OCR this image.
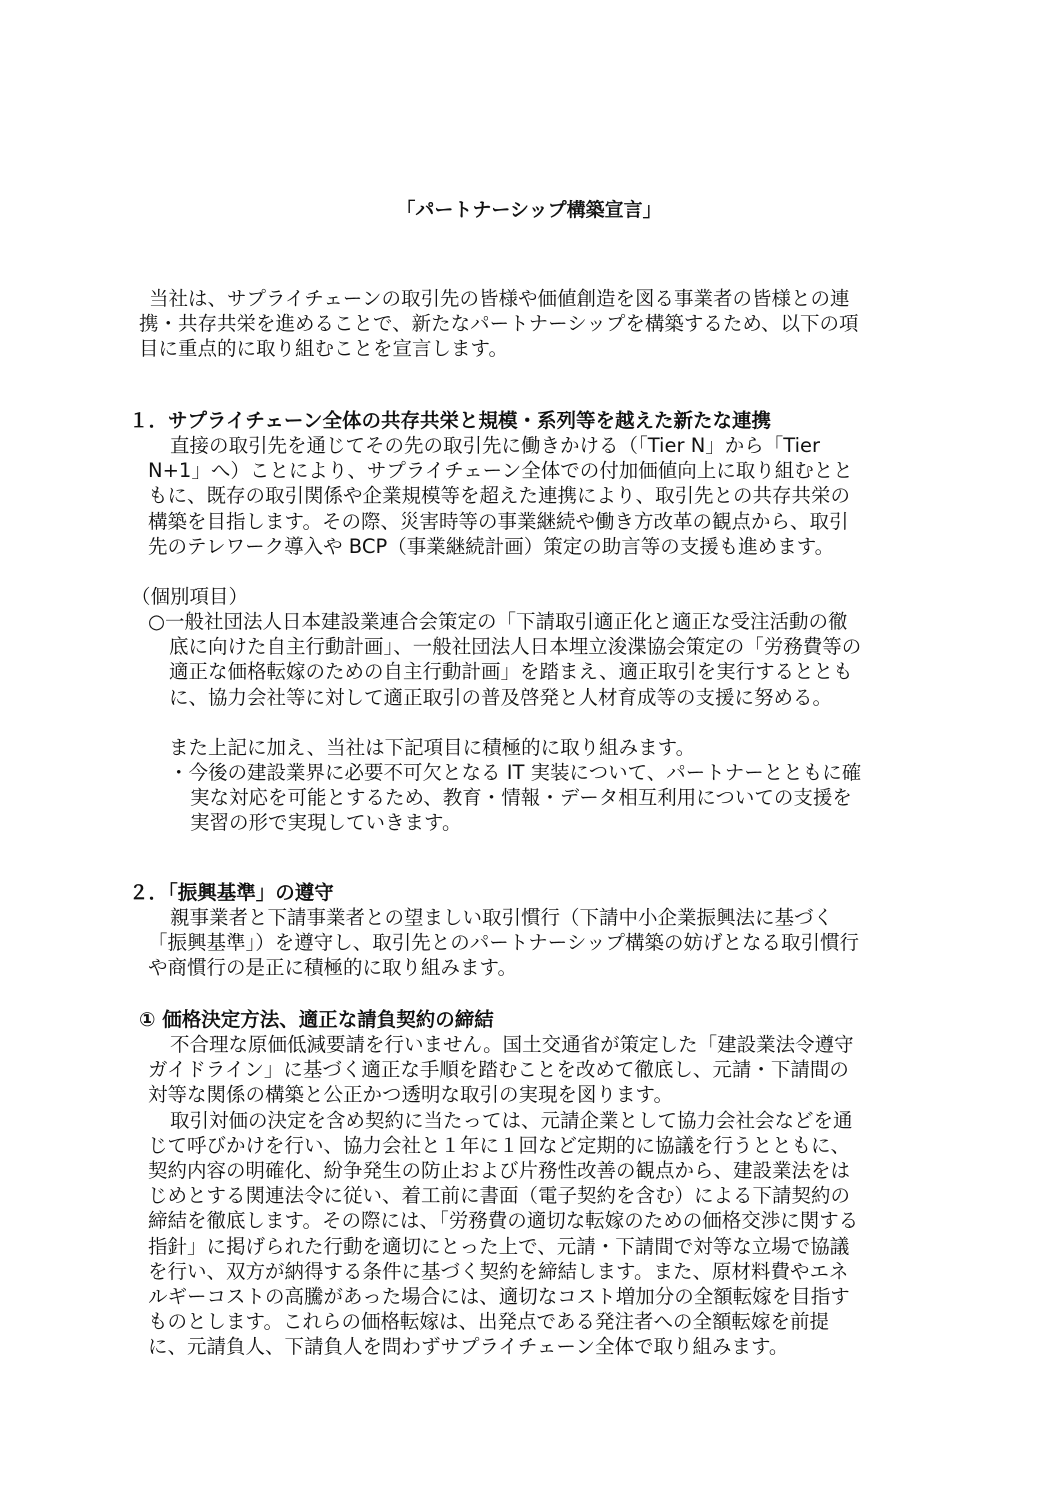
「パートナーシップ構築宣言」

当社は、サプライチェーンの取引先の皆様や価値創造を図る事業者の皆様との連

携・共存共栄を進めることで、新たなパートナーシップを構築するため、以下の項

目に重点的に取り組むことを宣言します。

１．サプライチェーン全体の共存共栄と規模・系列等を越えた新たな連携

直接の取引先を通じてその先の取引先に働きかける（「Tier N」から「Tier

N+1」へ）ことにより、サプライチェーン全体での付加価値向上に取り組むとと

もに、既存の取引関係や企業規模等を超えた連携により、取引先との共存共栄の

構築を目指します。その際、災害時等の事業継続や働き方改革の観点から、取引

先のテレワーク導入や BCP（事業継続計画）策定の助言等の支援も進めます。

（個別項目）

○一般社団法人日本建設業連合会策定の「下請取引適正化と適正な受注活動の徹

底に向けた自主行動計画」、一般社団法人日本埋立浚渫協会策定の「労務費等の

適正な価格転嫁のための自主行動計画」を踏まえ、適正取引を実行するととも

に、協力会社等に対して適正取引の普及啓発と人材育成等の支援に努める。

また上記に加え、当社は下記項目に積極的に取り組みます。

・今後の建設業界に必要不可欠となる IT 実装について、パートナーとともに確

実な対応を可能とするため、教育・情報・データ相互利用についての支援を

実習の形で実現していきます。

２．「振興基準」の遵守

親事業者と下請事業者との望ましい取引慣行（下請中小企業振興法に基づく

「振興基準」）を遵守し、取引先とのパートナーシップ構築の妨げとなる取引慣行

や商慣行の是正に積極的に取り組みます。

① 価格決定方法、適正な請負契約の締結

不合理な原価低減要請を行いません。国土交通省が策定した「建設業法令遵守

ガイドライン」に基づく適正な手順を踏むことを改めて徹底し、元請・下請間の

対等な関係の構築と公正かつ透明な取引の実現を図ります。

取引対価の決定を含め契約に当たっては、元請企業として協力会社会などを通

じて呼びかけを行い、協力会社と１年に１回など定期的に協議を行うとともに、

契約内容の明確化、紛争発生の防止および片務性改善の観点から、建設業法をは

じめとする関連法令に従い、着工前に書面（電子契約を含む）による下請契約の

締結を徹底します。その際には、「労務費の適切な転嫁のための価格交渉に関する

指針」に掲げられた行動を適切にとった上で、元請・下請間で対等な立場で協議

を行い、双方が納得する条件に基づく契約を締結します。また、原材料費やエネ

ルギーコストの高騰があった場合には、適切なコスト増加分の全額転嫁を目指す

ものとします。これらの価格転嫁は、出発点である発注者への全額転嫁を前提

に、元請負人、下請負人を問わずサプライチェーン全体で取り組みます。
